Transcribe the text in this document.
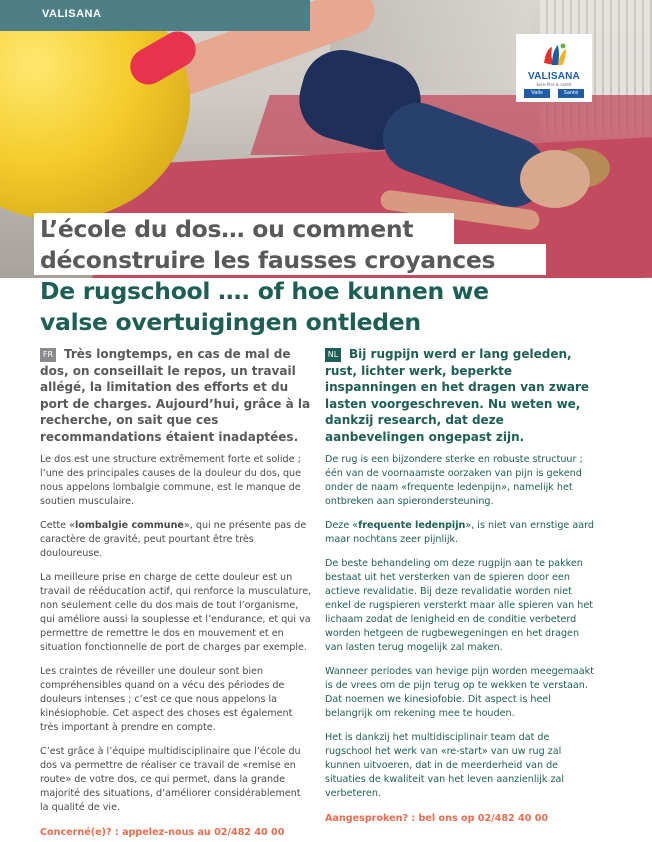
VALISANA
VALISANA
bien-être & santé
Valis	Santé
L’école du dos… ou comment
déconstruire les fausses croyances
De rugschool …. of hoe kunnen we
valse overtuigingen ontleden

FR Très longtemps, en cas de mal de dos, on conseillait le repos, un travail allégé, la limitation des efforts et du port de charges. Aujourd’hui, grâce à la recherche, on sait que ces recommandations étaient inadaptées.

Le dos est une structure extrêmement forte et solide ; l’une des principales causes de la douleur du dos, que nous appelons lombalgie commune, est le manque de soutien musculaire.

Cette «lombalgie commune», qui ne présente pas de caractère de gravité, peut pourtant être très douloureuse.

La meilleure prise en charge de cette douleur est un travail de rééducation actif, qui renforce la musculature, non seulement celle du dos mais de tout l’organisme, qui améliore aussi la souplesse et l’endurance, et qui va permettre de remettre le dos en mouvement et en situation fonctionnelle de port de charges par exemple.

Les craintes de réveiller une douleur sont bien compréhensibles quand on a vécu des périodes de douleurs intenses ; c’est ce que nous appelons la kinésiophobie. Cet aspect des choses est également très important à prendre en compte.

C’est grâce à l’équipe multidisciplinaire que l’école du dos va permettre de réaliser ce travail de «remise en route» de votre dos, ce qui permet, dans la grande majorité des situations, d’améliorer considérablement la qualité de vie.

Concerné(e)? : appelez-nous au 02/482 40 00

NL Bij rugpijn werd er lang geleden, rust, lichter werk, beperkte inspanningen en het dragen van zware lasten voorgeschreven. Nu weten we, dankzij research, dat deze aanbevelingen ongepast zijn.

De rug is een bijzondere sterke en robuste structuur ; één van de voornaamste oorzaken van pijn is gekend onder de naam «frequente ledenpijn», namelijk het ontbreken aan spierondersteuning.

Deze «frequente ledenpijn», is niet van ernstige aard maar nochtans zeer pijnlijk.

De beste behandeling om deze rugpijn aan te pakken bestaat uit het versterken van de spieren door een actieve revalidatie. Bij deze revalidatie worden niet enkel de rugspieren versterkt maar alle spieren van het lichaam zodat de lenigheid en de conditie verbeterd worden hetgeen de rugbewegeningen en het dragen van lasten terug mogelijk zal maken.

Wanneer periodes van hevige pijn worden meegemaakt is de vrees om de pijn terug op te wekken te verstaan. Dat noemen we kinesiofobie. Dit aspect is heel belangrijk om rekening mee te houden.

Het is dankzij het multidisciplinair team dat de rugschool het werk van «re-start» van uw rug zal kunnen uitvoeren, dat in de meerderheid van de situaties de kwaliteit van het leven aanzienlijk zal verbeteren.

Aangesproken? : bel ons op 02/482 40 00
